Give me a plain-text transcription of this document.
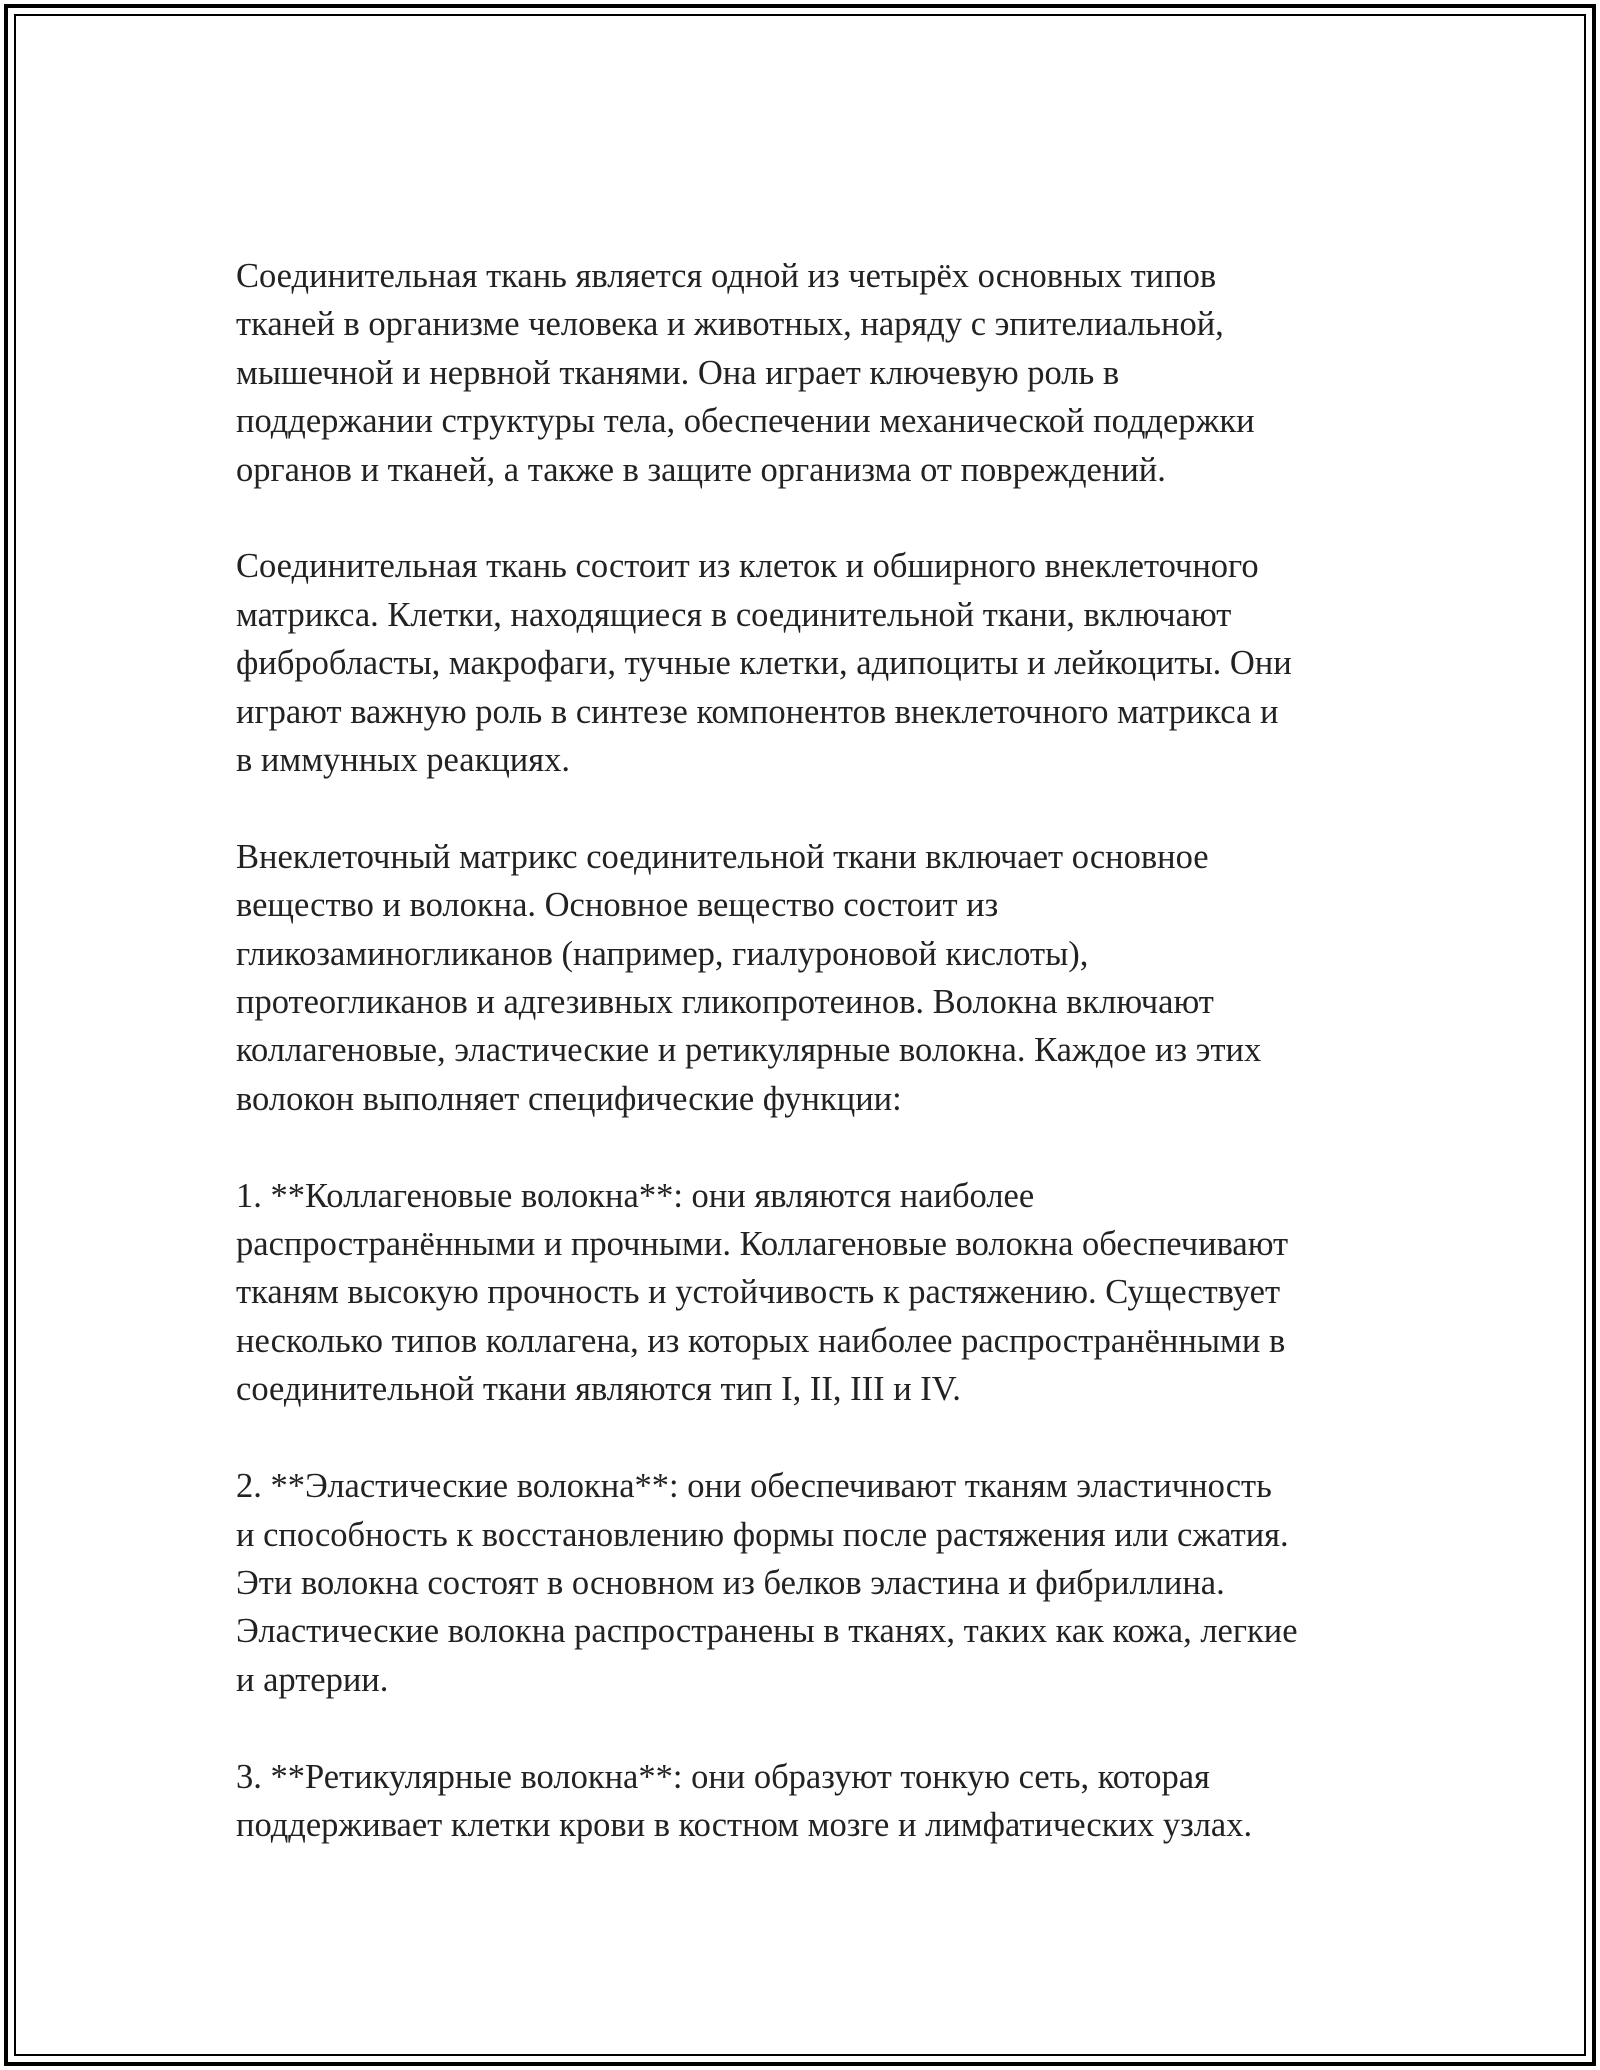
Соединительная ткань является одной из четырёх основных типов
тканей в организме человека и животных, наряду с эпителиальной,
мышечной и нервной тканями. Она играет ключевую роль в
поддержании структуры тела, обеспечении механической поддержки
органов и тканей, а также в защите организма от повреждений.

Соединительная ткань состоит из клеток и обширного внеклеточного
матрикса. Клетки, находящиеся в соединительной ткани, включают
фибробласты, макрофаги, тучные клетки, адипоциты и лейкоциты. Они
играют важную роль в синтезе компонентов внеклеточного матрикса и
в иммунных реакциях.

Внеклеточный матрикс соединительной ткани включает основное
вещество и волокна. Основное вещество состоит из
гликозаминогликанов (например, гиалуроновой кислоты),
протеогликанов и адгезивных гликопротеинов. Волокна включают
коллагеновые, эластические и ретикулярные волокна. Каждое из этих
волокон выполняет специфические функции:

1. **Коллагеновые волокна**: они являются наиболее
распространёнными и прочными. Коллагеновые волокна обеспечивают
тканям высокую прочность и устойчивость к растяжению. Существует
несколько типов коллагена, из которых наиболее распространёнными в
соединительной ткани являются тип I, II, III и IV.

2. **Эластические волокна**: они обеспечивают тканям эластичность
и способность к восстановлению формы после растяжения или сжатия.
Эти волокна состоят в основном из белков эластина и фибриллина.
Эластические волокна распространены в тканях, таких как кожа, легкие
и артерии.

3. **Ретикулярные волокна**: они образуют тонкую сеть, которая
поддерживает клетки крови в костном мозге и лимфатических узлах.
